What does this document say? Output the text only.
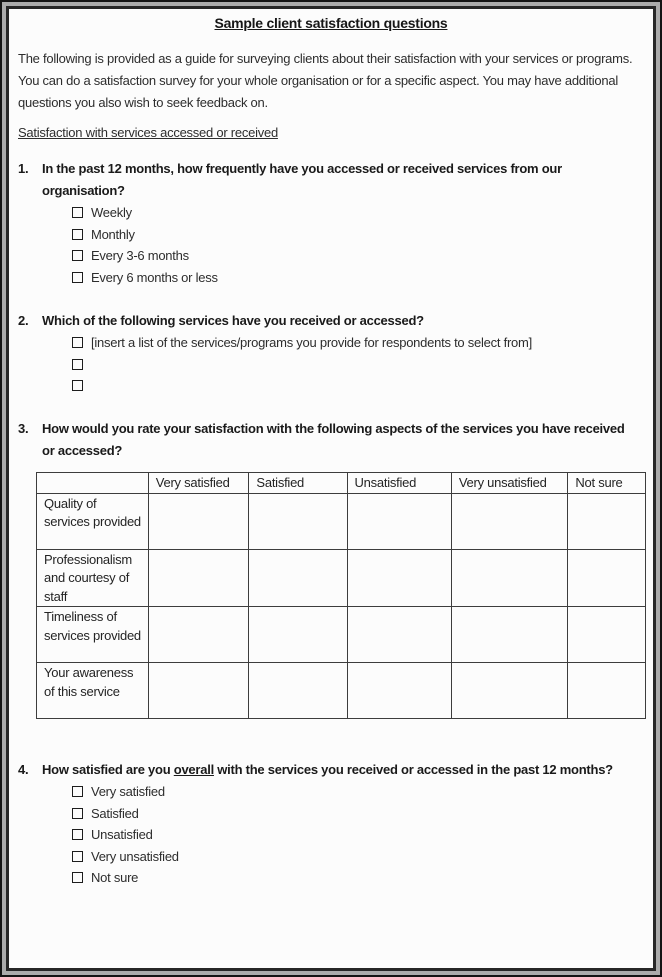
Sample client satisfaction questions

The following is provided as a guide for surveying clients about their satisfaction with your services or programs. You can do a satisfaction survey for your whole organisation or for a specific aspect. You may have additional questions you also wish to seek feedback on.

Satisfaction with services accessed or received
1.	In the past 12 months, how frequently have you accessed or received services from our organisation?
Weekly
Monthly
Every 3-6 months
Every 6 months or less
2.	Which of the following services have you received or accessed?
[insert a list of the services/programs you provide for respondents to select from]
3.	How would you rate your satisfaction with the following aspects of the services you have received or accessed?
	Very satisfied	Satisfied	Unsatisfied	Very unsatisfied	Not sure
Quality of services provided					
Professionalism and courtesy of staff					
Timeliness of services provided					
Your awareness of this service					
4.	How satisfied are you overall with the services you received or accessed in the past 12 months?
Very satisfied
Satisfied
Unsatisfied
Very unsatisfied
Not sure
